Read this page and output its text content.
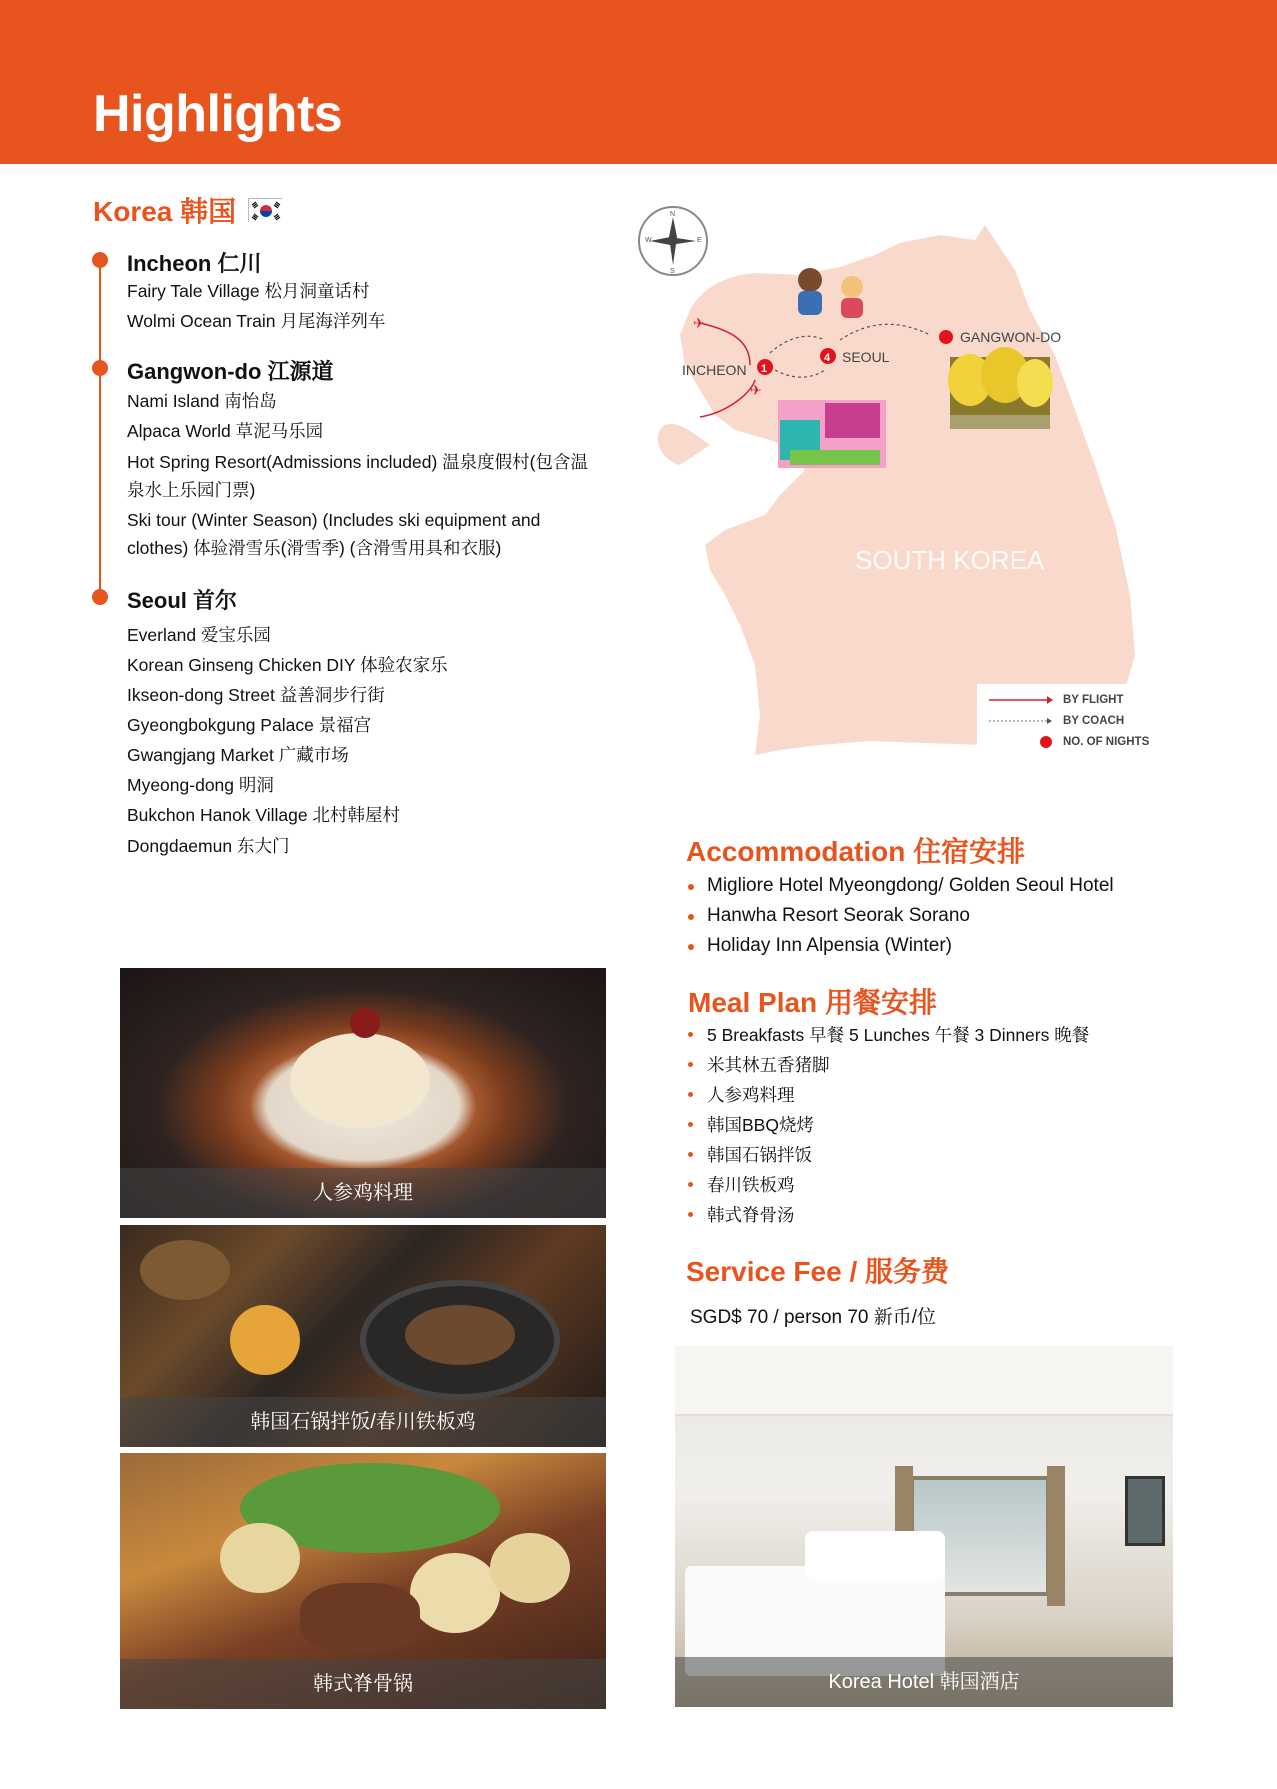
Highlights
Korea 韩国
Incheon 仁川
Fairy Tale Village 松月洞童话村
Wolmi Ocean Train 月尾海洋列车
Gangwon-do 江源道
Nami Island 南怡岛
Alpaca World 草泥马乐园
Hot Spring Resort(Admissions included) 温泉度假村(包含温泉水上乐园门票)
Ski tour (Winter Season) (Includes ski equipment and clothes) 体验滑雪乐(滑雪季) (含滑雪用具和衣服)
Seoul 首尔
Everland 爱宝乐园
Korean Ginseng Chicken DIY 体验农家乐
Ikseon-dong Street 益善洞步行街
Gyeongbokgung Palace 景福宫
Gwangjang Market 广藏市场
Myeong-dong 明洞
Bukchon Hanok Village 北村韩屋村
Dongdaemun 东大门
SOUTH KOREA
N
S
W	E
✈
✈
INCHEON 1
4 SEOUL
GANGWON-DO
BY FLIGHT
BY COACH
NO. OF NIGHTS
Accommodation 住宿安排
Migliore Hotel Myeongdong/ Golden Seoul Hotel
Hanwha Resort Seorak Sorano
Holiday Inn Alpensia (Winter)
Meal Plan 用餐安排
5 Breakfasts 早餐 5 Lunches 午餐 3 Dinners 晚餐
米其林五香猪脚
人参鸡料理
韩国BBQ烧烤
韩国石锅拌饭
春川铁板鸡
韩式脊骨汤
Service Fee / 服务费
SGD$ 70 / person 70 新币/位
人参鸡料理
韩国石锅拌饭/春川铁板鸡
韩式脊骨锅	Korea Hotel 韩国酒店
